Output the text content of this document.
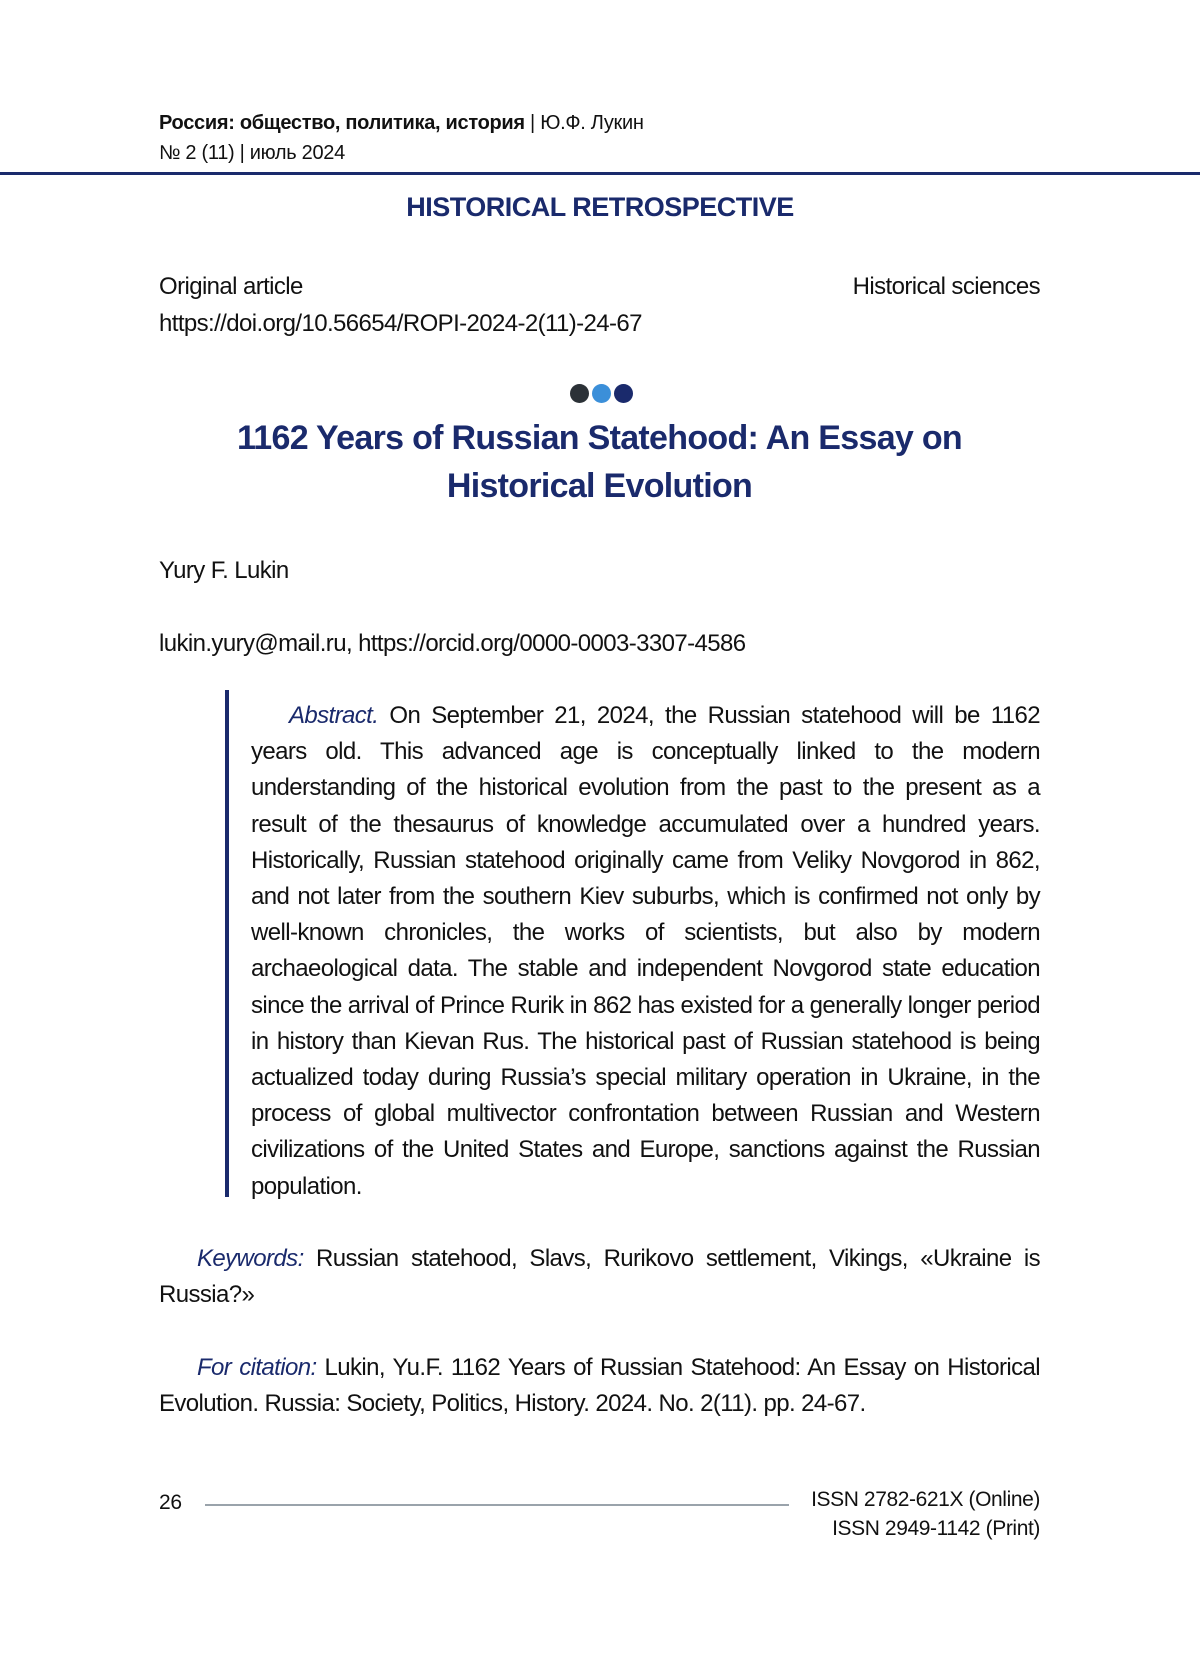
Россия: общество, политика, история | Ю.Ф. Лукин
№ 2 (11) | июль 2024
HISTORICAL RETROSPECTIVE
Original article
https://doi.org/10.56654/ROPI-2024-2(11)-24-67
Historical sciences
1162 Years of Russian Statehood: An Essay on Historical Evolution
Yury F. Lukin
lukin.yury@mail.ru, https://orcid.org/0000-0003-3307-4586

Abstract. On September 21, 2024, the Russian statehood will be 1162 years old. This advanced age is conceptually linked to the modern understanding of the historical evolution from the past to the present as a result of the thesaurus of knowledge accumulated over a hundred years. Historically, Russian statehood originally came from Veliky Novgorod in 862, and not later from the southern Kiev suburbs, which is confirmed not only by well-known chronicles, the works of scientists, but also by modern archaeological data. The stable and independent Novgorod state education since the arrival of Prince Rurik in 862 has existed for a generally longer period in history than Kievan Rus. The historical past of Russian statehood is being actualized today during Russia’s special military operation in Ukraine, in the process of global multivector confrontation between Russian and Western civilizations of the United States and Europe, sanctions against the Russian population.

Keywords: Russian statehood, Slavs, Rurikovo settlement, Vikings, «Ukraine is Russia?»

For citation: Lukin, Yu.F. 1162 Years of Russian Statehood: An Essay on Historical Evolution. Russia: Society, Politics, History. 2024. No. 2(11). pp. 24-67.

26	ISSN 2782-621X (Online)
ISSN 2949-1142 (Print)
